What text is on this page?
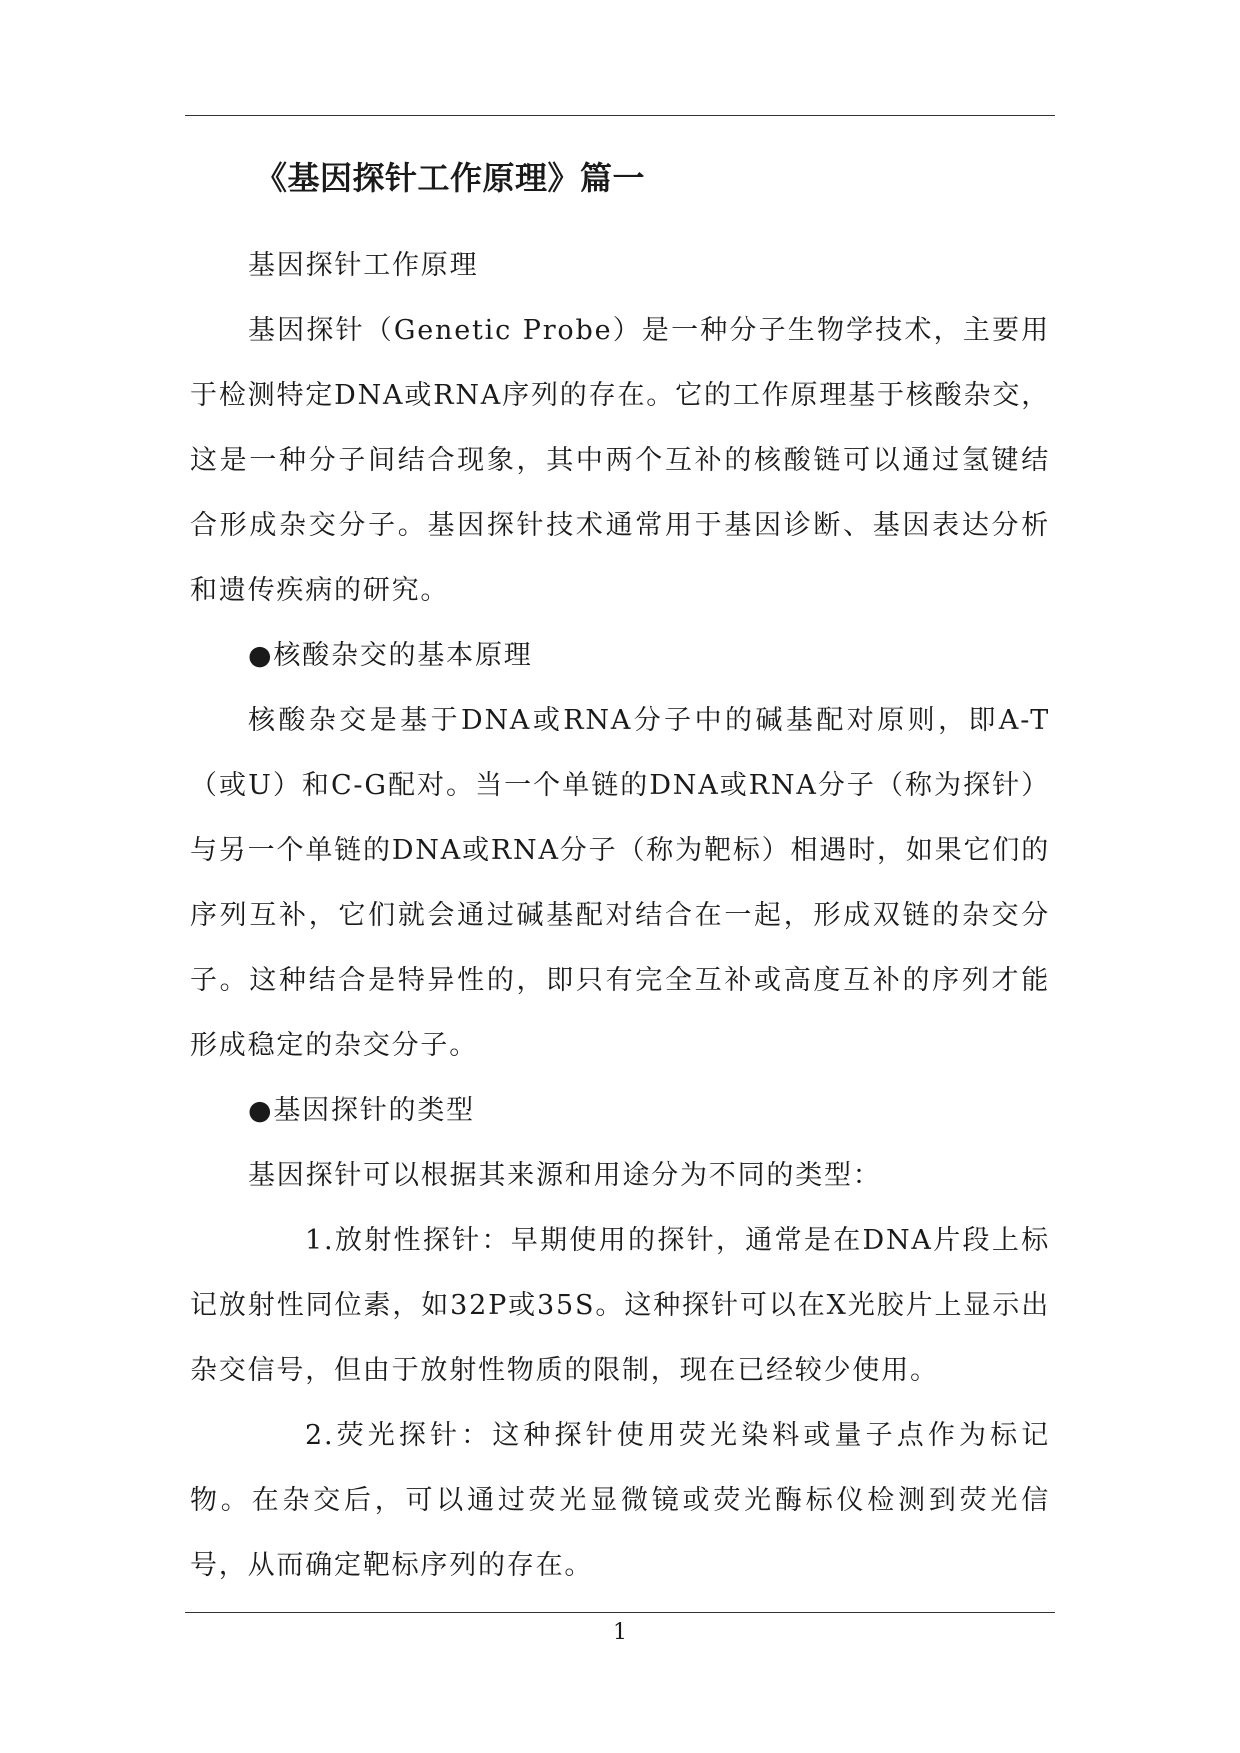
《基因探针工作原理》篇一

基因探针工作原理

基因探针（Genetic Probe）是一种分子生物学技术，主要用于检测特定DNA或RNA序列的存在。它的工作原理基于核酸杂交，这是一种分子间结合现象，其中两个互补的核酸链可以通过氢键结合形成杂交分子。基因探针技术通常用于基因诊断、基因表达分析和遗传疾病的研究。

●核酸杂交的基本原理

核酸杂交是基于DNA或RNA分子中的碱基配对原则，即A-T（或U）和C-G配对。当一个单链的DNA或RNA分子（称为探针）与另一个单链的DNA或RNA分子（称为靶标）相遇时，如果它们的序列互补，它们就会通过碱基配对结合在一起，形成双链的杂交分子。这种结合是特异性的，即只有完全互补或高度互补的序列才能形成稳定的杂交分子。

●基因探针的类型

基因探针可以根据其来源和用途分为不同的类型：

1.放射性探针：早期使用的探针，通常是在DNA片段上标记放射性同位素，如32P或35S。这种探针可以在X光胶片上显示出杂交信号，但由于放射性物质的限制，现在已经较少使用。

2.荧光探针：这种探针使用荧光染料或量子点作为标记物。在杂交后，可以通过荧光显微镜或荧光酶标仪检测到荧光信号，从而确定靶标序列的存在。

1
